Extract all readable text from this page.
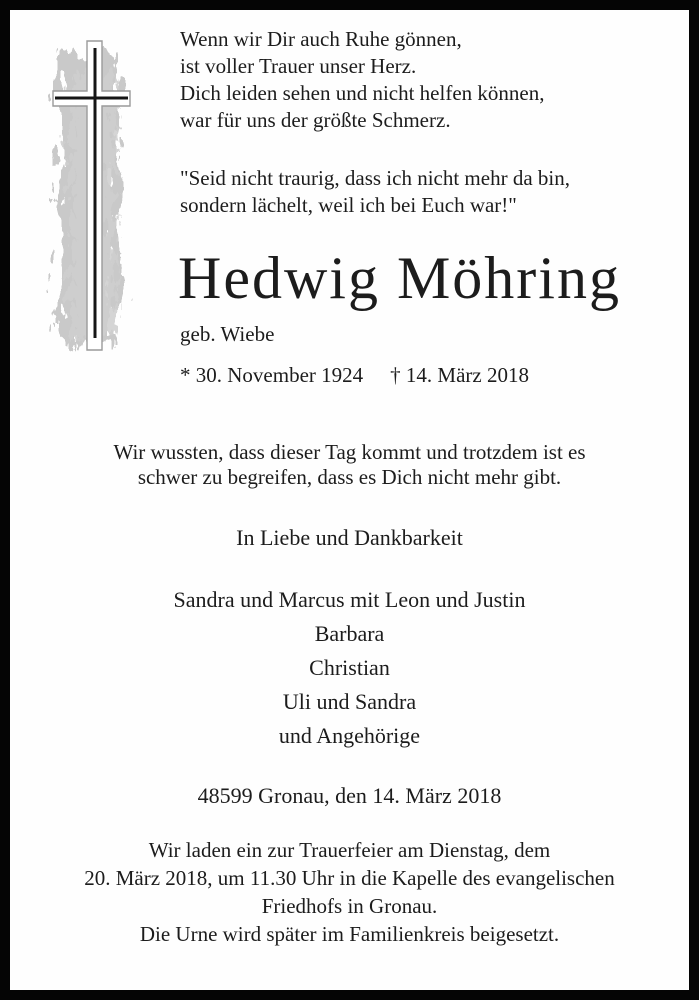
Wenn wir Dir auch Ruhe gönnen,
ist voller Trauer unser Herz.
Dich leiden sehen und nicht helfen können,
war für uns der größte Schmerz.
"Seid nicht traurig, dass ich nicht mehr da bin,
sondern lächelt, weil ich bei Euch war!"
Hedwig Möhring
geb. Wiebe
* 30. November 1924 † 14. März 2018
Wir wussten, dass dieser Tag kommt und trotzdem ist es
schwer zu begreifen, dass es Dich nicht mehr gibt.
In Liebe und Dankbarkeit
Sandra und Marcus mit Leon und Justin
Barbara
Christian
Uli und Sandra
und Angehörige
48599 Gronau, den 14. März 2018
Wir laden ein zur Trauerfeier am Dienstag, dem
20. März 2018, um 11.30 Uhr in die Kapelle des evangelischen
Friedhofs in Gronau.
Die Urne wird später im Familienkreis beigesetzt.
